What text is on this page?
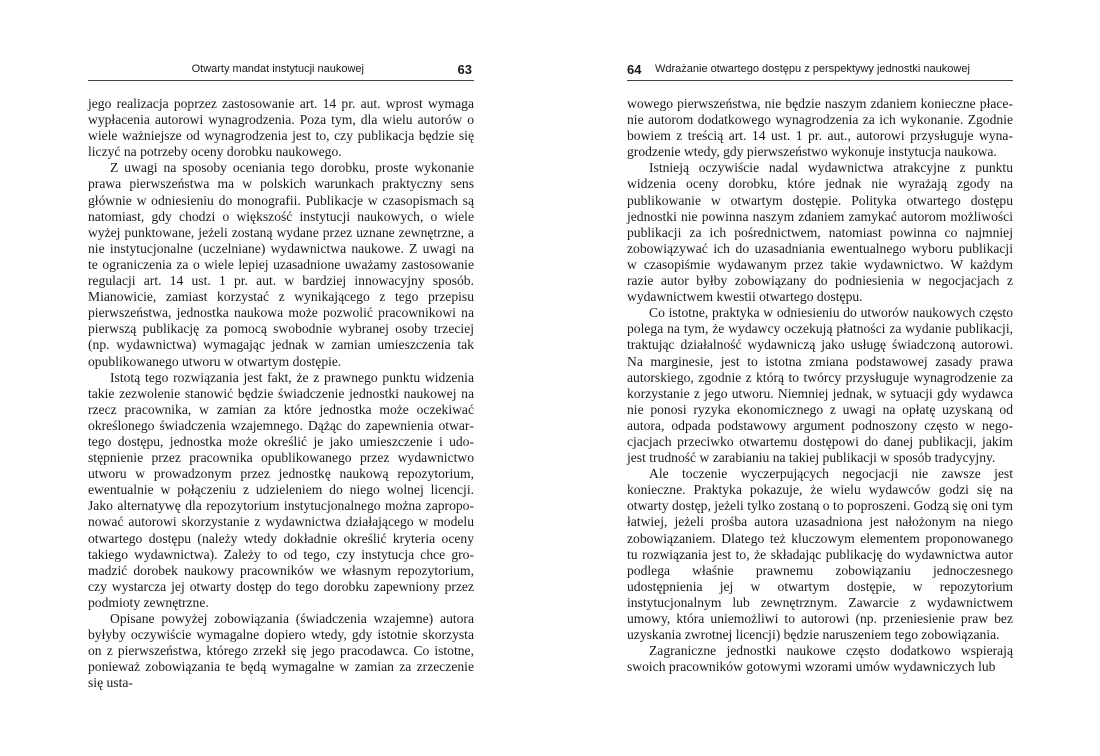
Otwarty mandat instytucji naukowej	63

jego realizacja poprzez zastosowanie art. 14 pr. aut. wprost wymaga wypłacenia autorowi wynagrodzenia. Poza tym, dla wielu autorów o wiele ważniejsze od wynagrodzenia jest to, czy publikacja będzie się liczyć na potrzeby oceny dorobku naukowego.

Z uwagi na sposoby oceniania tego dorobku, proste wykonanie prawa pierwszeństwa ma w polskich warunkach praktyczny sens głównie w odniesieniu do monografii. Publikacje w czasopismach są natomiast, gdy chodzi o większość instytucji naukowych, o wiele wyżej punktowane, jeżeli zostaną wydane przez uznane zewnętrzne, a nie instytucjonalne (uczelniane) wydawnictwa naukowe. Z uwagi na te ograniczenia za o wiele lepiej uzasadnione uważamy zastosowanie regulacji art. 14 ust. 1 pr. aut. w bardziej innowacyjny sposób. Mianowicie, zamiast korzystać z wynikającego z tego przepisu pierwszeństwa, jednostka naukowa może pozwolić pracownikowi na pierwszą publikację za pomocą swobodnie wybranej osoby trzeciej (np. wydawnictwa) wymagając jednak w zamian umieszczenia tak opublikowanego utworu w otwartym dostępie.

Istotą tego rozwiązania jest fakt, że z prawnego punktu widzenia takie zezwolenie stanowić będzie świadczenie jednostki naukowej na rzecz pracownika, w zamian za które jednostka może oczekiwać określonego świadczenia wzajemnego. Dążąc do zapewnienia otwartego dostępu, jednostka może określić je jako umieszczenie i udostępnienie przez pracownika opublikowanego przez wydawnictwo utworu w prowadzonym przez jednostkę naukową repozytorium, ewentualnie w połączeniu z udzieleniem do niego wolnej licencji. Jako alternatywę dla repozytorium instytucjonalnego można zaproponować autorowi skorzystanie z wydawnictwa działającego w modelu otwartego dostępu (należy wtedy dokładnie określić kryteria oceny takiego wydawnictwa). Zależy to od tego, czy instytucja chce gromadzić dorobek naukowy pracowników we własnym repozytorium, czy wystarcza jej otwarty dostęp do tego dorobku zapewniony przez podmioty zewnętrzne.

Opisane powyżej zobowiązania (świadczenia wzajemne) autora byłyby oczywiście wymagalne dopiero wtedy, gdy istotnie skorzysta on z pierwszeństwa, którego zrzekł się jego pracodawca. Co istotne, ponieważ zobowiązania te będą wymagalne w zamian za zrzeczenie się usta-

64 Wdrażanie otwartego dostępu z perspektywy jednostki naukowej

wowego pierwszeństwa, nie będzie naszym zdaniem konieczne płacenie autorom dodatkowego wynagrodzenia za ich wykonanie. Zgodnie bowiem z treścią art. 14 ust. 1 pr. aut., autorowi przysługuje wynagrodzenie wtedy, gdy pierwszeństwo wykonuje instytucja naukowa.

Istnieją oczywiście nadal wydawnictwa atrakcyjne z punktu widzenia oceny dorobku, które jednak nie wyrażają zgody na publikowanie w otwartym dostępie. Polityka otwartego dostępu jednostki nie powinna naszym zdaniem zamykać autorom możliwości publikacji za ich pośrednictwem, natomiast powinna co najmniej zobowiązywać ich do uzasadniania ewentualnego wyboru publikacji w czasopiśmie wydawanym przez takie wydawnictwo. W każdym razie autor byłby zobowiązany do podniesienia w negocjacjach z wydawnictwem kwestii otwartego dostępu.

Co istotne, praktyka w odniesieniu do utworów naukowych często polega na tym, że wydawcy oczekują płatności za wydanie publikacji, traktując działalność wydawniczą jako usługę świadczoną autorowi. Na marginesie, jest to istotna zmiana podstawowej zasady prawa autorskiego, zgodnie z którą to twórcy przysługuje wynagrodzenie za korzystanie z jego utworu. Niemniej jednak, w sytuacji gdy wydawca nie ponosi ryzyka ekonomicznego z uwagi na opłatę uzyskaną od autora, odpada podstawowy argument podnoszony często w negocjacjach przeciwko otwartemu dostępowi do danej publikacji, jakim jest trudność w zarabianiu na takiej publikacji w sposób tradycyjny.

Ale toczenie wyczerpujących negocjacji nie zawsze jest konieczne. Praktyka pokazuje, że wielu wydawców godzi się na otwarty dostęp, jeżeli tylko zostaną o to poproszeni. Godzą się oni tym łatwiej, jeżeli prośba autora uzasadniona jest nałożonym na niego zobowiązaniem. Dlatego też kluczowym elementem proponowanego tu rozwiązania jest to, że składając publikację do wydawnictwa autor podlega właśnie prawnemu zobowiązaniu jednoczesnego udostępnienia jej w otwartym dostępie, w repozytorium instytucjonalnym lub zewnętrznym. Zawarcie z wydawnictwem umowy, która uniemożliwi to autorowi (np. przeniesienie praw bez uzyskania zwrotnej licencji) będzie naruszeniem tego zobowiązania.

Zagraniczne jednostki naukowe często dodatkowo wspierają swoich pracowników gotowymi wzorami umów wydawniczych lub
